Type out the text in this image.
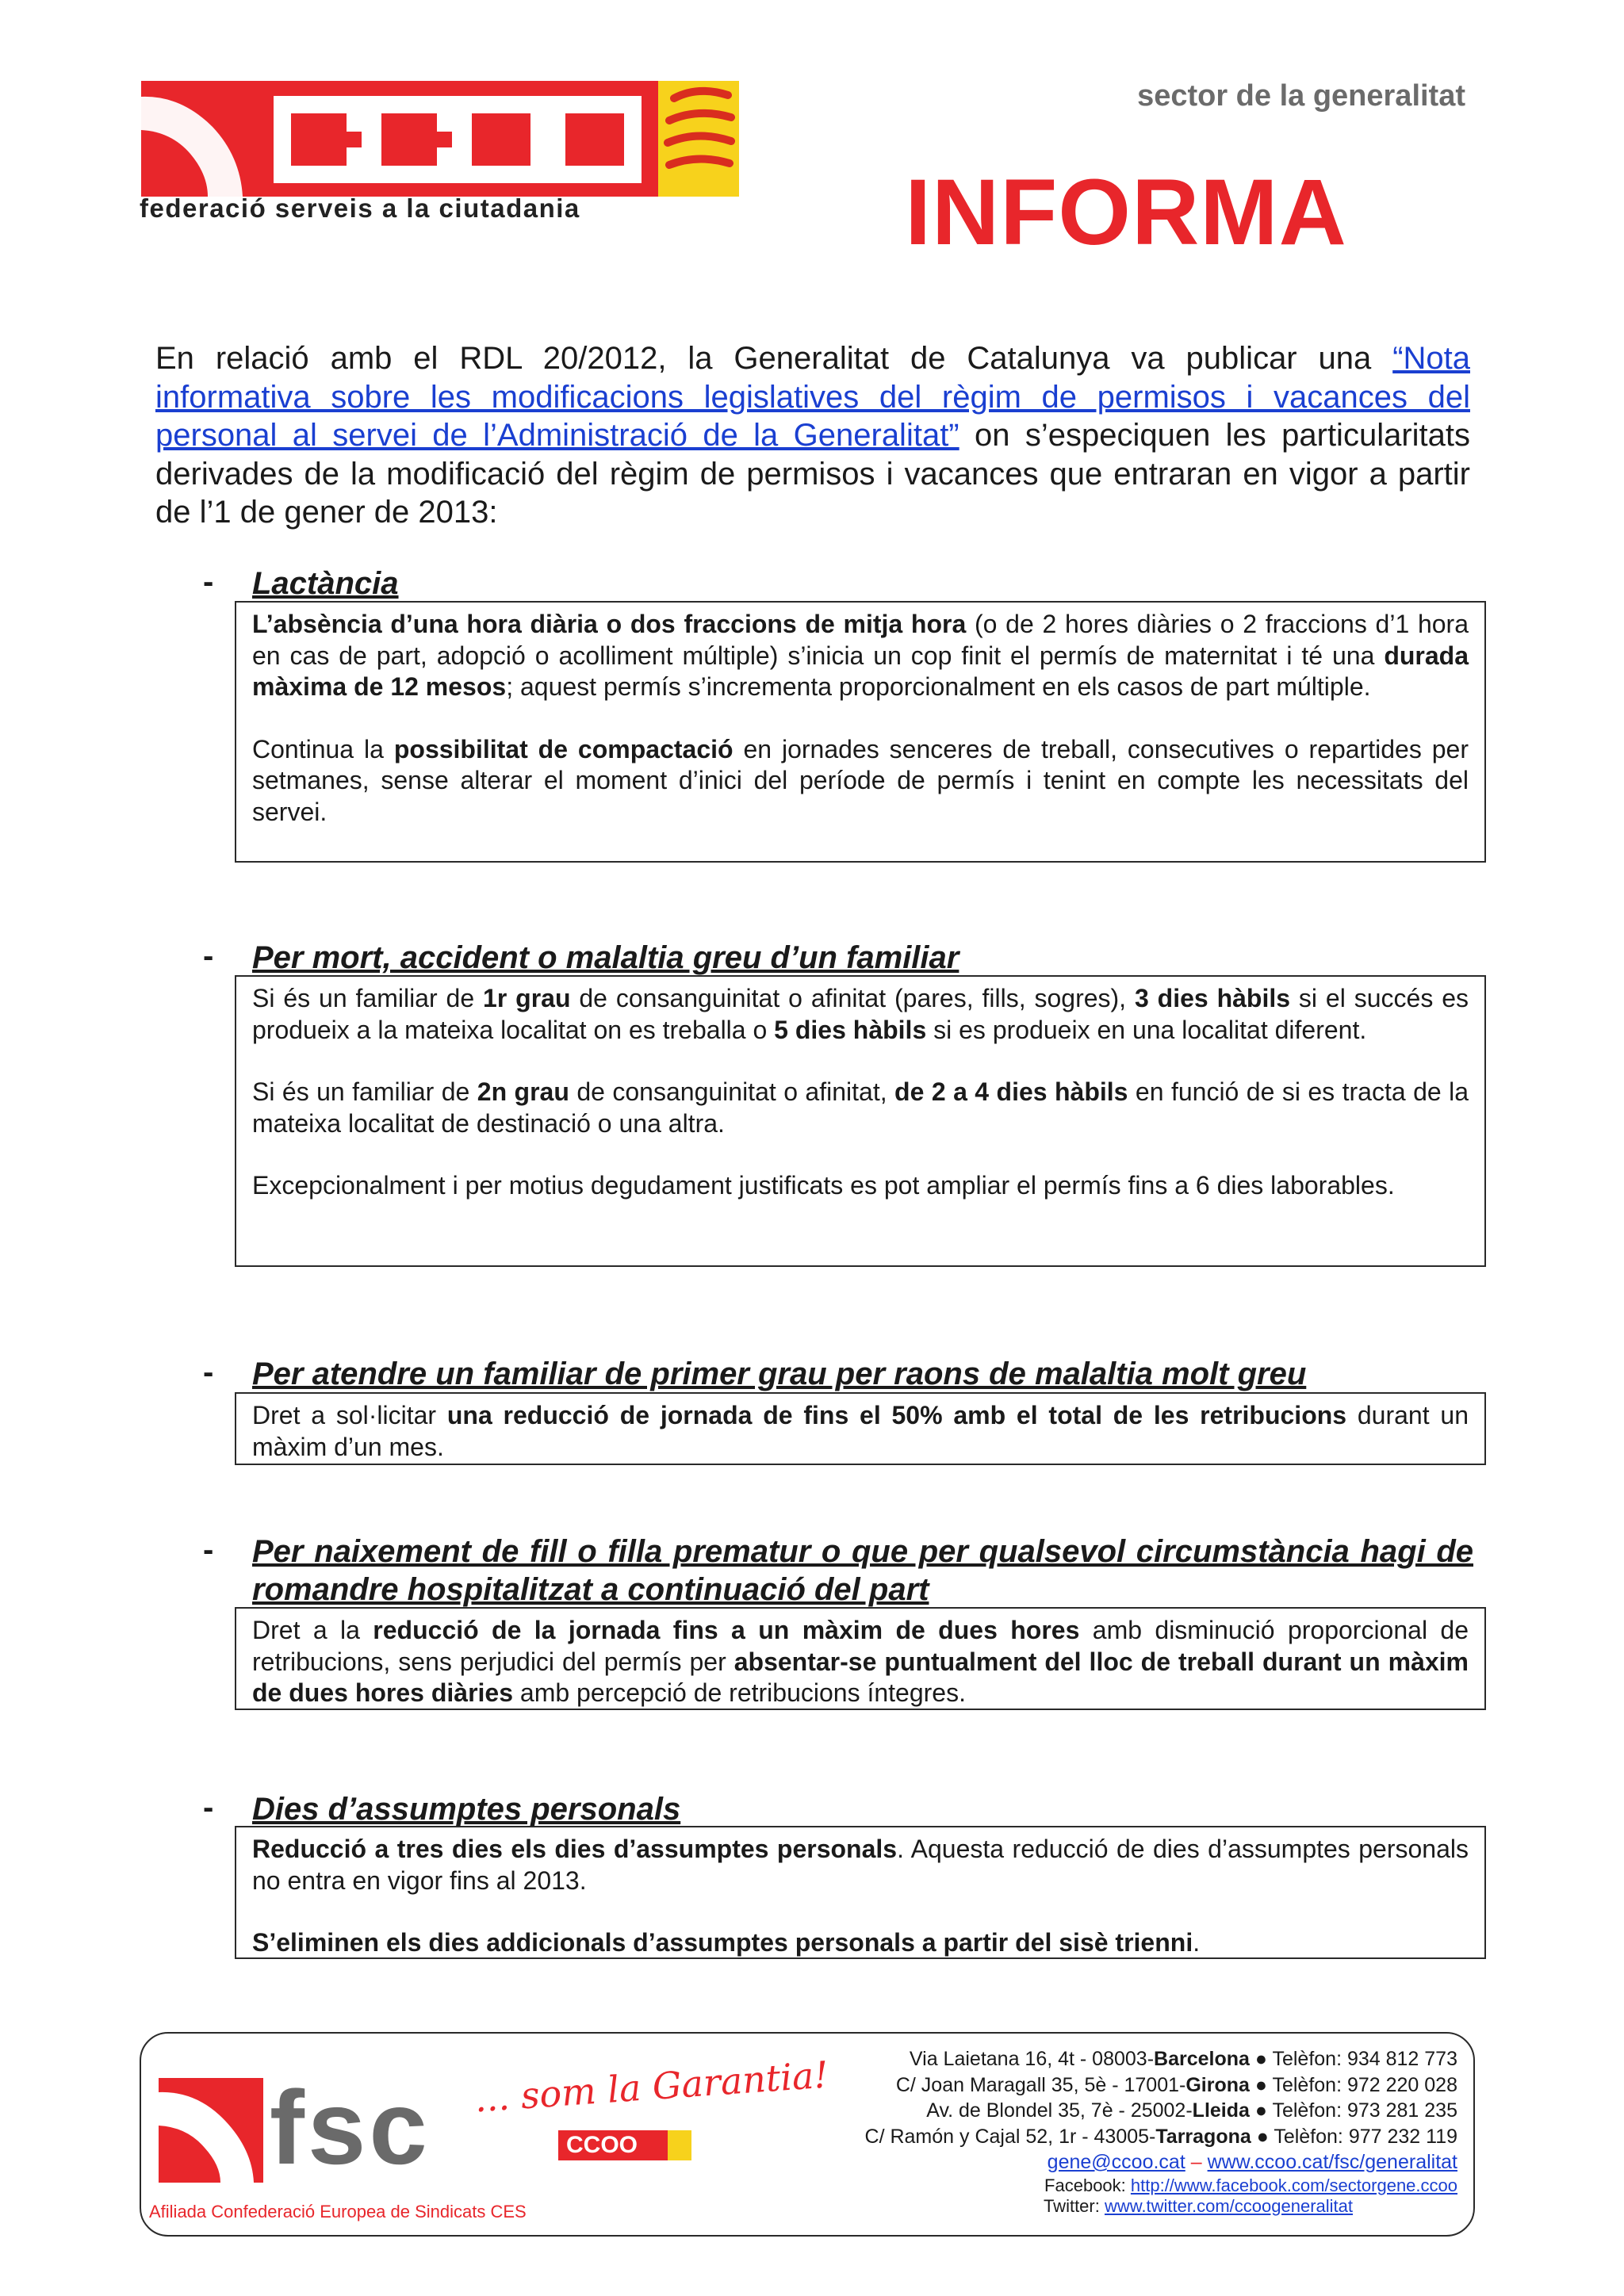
CCOO
federació serveis a la ciutadania
sector de la generalitat
INFORMA
En relació amb el RDL 20/2012, la Generalitat de Catalunya va publicar una “Nota informativa sobre les modificacions legislatives del règim de permisos i vacances del personal al servei de l’Administració de la Generalitat” on s’especiquen les particularitats derivades de la modificació del règim de permisos i vacances que entraran en vigor a partir de l’1 de gener de 2013:
- Lactància

L’absència d’una hora diària o dos fraccions de mitja hora (o de 2 hores diàries o 2 fraccions d’1 hora en cas de part, adopció o acolliment múltiple) s’inicia un cop finit el permís de maternitat i té una durada màxima de 12 mesos; aquest permís s’incrementa proporcionalment en els casos de part múltiple.

Continua la possibilitat de compactació en jornades senceres de treball, consecutives o repartides per setmanes, sense alterar el moment d’inici del període de permís i tenint en compte les necessitats del servei.

- Per mort, accident o malaltia greu d’un familiar

Si és un familiar de 1r grau de consanguinitat o afinitat (pares, fills, sogres), 3 dies hàbils si el succés es produeix a la mateixa localitat on es treballa o 5 dies hàbils si es produeix en una localitat diferent.

Si és un familiar de 2n grau de consanguinitat o afinitat, de 2 a 4 dies hàbils en funció de si es tracta de la mateixa localitat de destinació o una altra.

Excepcionalment i per motius degudament justificats es pot ampliar el permís fins a 6 dies laborables.

- Per atendre un familiar de primer grau per raons de malaltia molt greu

Dret a sol·licitar una reducció de jornada de fins el 50% amb el total de les retribucions durant un màxim d’un mes.

- Per naixement de fill o filla prematur o que per qualsevol circumstància hagi de romandre hospitalitzat a continuació del part

Dret a la reducció de la jornada fins a un màxim de dues hores amb disminució proporcional de retribucions, sens perjudici del permís per absentar-se puntualment del lloc de treball durant un màxim de dues hores diàries amb percepció de retribucions íntegres.

- Dies d’assumptes personals

Reducció a tres dies els dies d’assumptes personals. Aquesta reducció de dies d’assumptes personals no entra en vigor fins al 2013.

S’eliminen els dies addicionals d’assumptes personals a partir del sisè trienni.

fsc ... som la Garantia!
CCOO
Afiliada Confederació Europea de Sindicats CES
Via Laietana 16, 4t - 08003-Barcelona ● Telèfon: 934 812 773
C/ Joan Maragall 35, 5è - 17001-Girona ● Telèfon: 972 220 028
Av. de Blondel 35, 7è - 25002-Lleida ● Telèfon: 973 281 235
C/ Ramón y Cajal 52, 1r - 43005-Tarragona ● Telèfon: 977 232 119
gene@ccoo.cat – www.ccoo.cat/fsc/generalitat
Facebook: http://www.facebook.com/sectorgene.ccoo
Twitter: www.twitter.com/ccoogeneralitat
